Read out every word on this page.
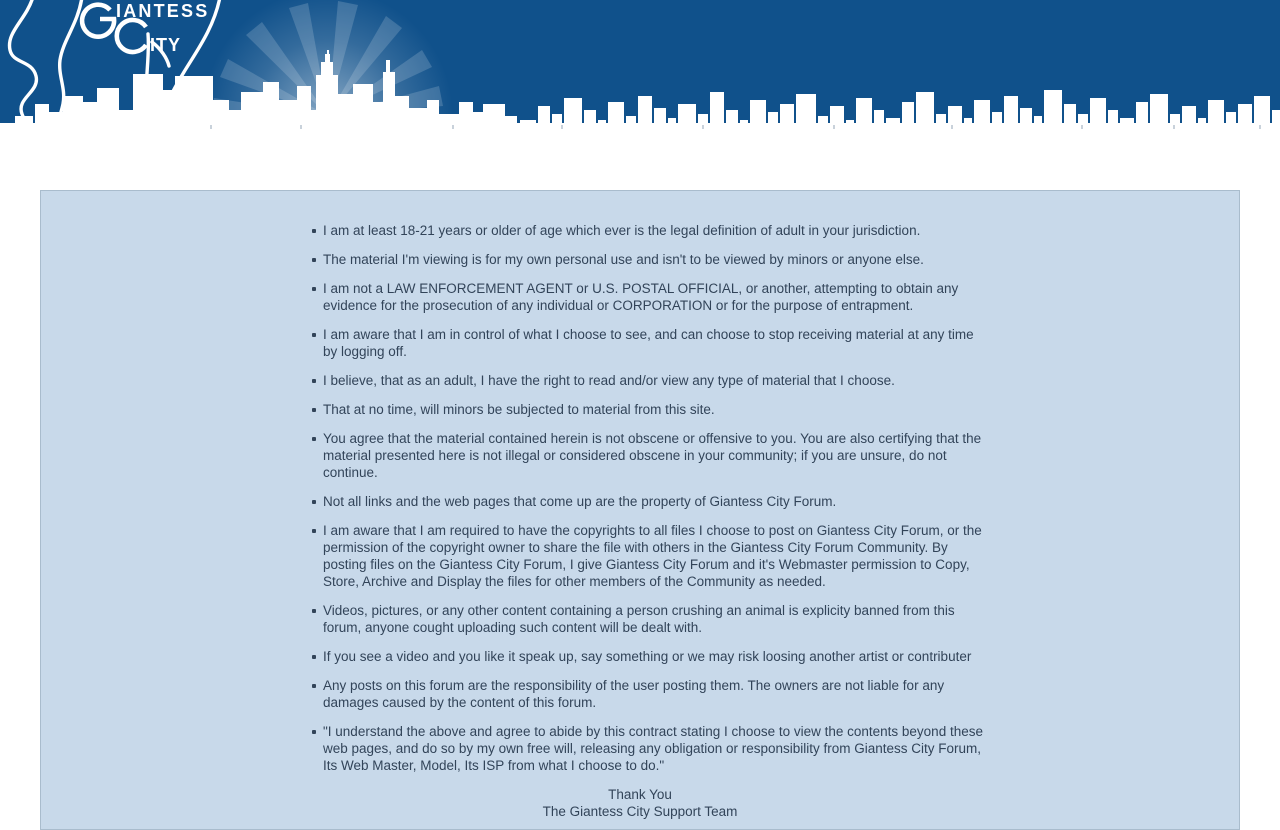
IANTESS
ITY
I am at least 18-21 years or older of age which ever is the legal definition of adult in your jurisdiction.
The material I'm viewing is for my own personal use and isn't to be viewed by minors or anyone else.
I am not a LAW ENFORCEMENT AGENT or U.S. POSTAL OFFICIAL, or another, attempting to obtain any evidence for the prosecution of any individual or CORPORATION or for the purpose of entrapment.
I am aware that I am in control of what I choose to see, and can choose to stop receiving material at any time by logging off.
I believe, that as an adult, I have the right to read and/or view any type of material that I choose.
That at no time, will minors be subjected to material from this site.
You agree that the material contained herein is not obscene or offensive to you. You are also certifying that the material presented here is not illegal or considered obscene in your community; if you are unsure, do not continue.
Not all links and the web pages that come up are the property of Giantess City Forum.
I am aware that I am required to have the copyrights to all files I choose to post on Giantess City Forum, or the permission of the copyright owner to share the file with others in the Giantess City Forum Community. By posting files on the Giantess City Forum, I give Giantess City Forum and it's Webmaster permission to Copy, Store, Archive and Display the files for other members of the Community as needed.
Videos, pictures, or any other content containing a person crushing an animal is explicity banned from this forum, anyone cought uploading such content will be dealt with.
If you see a video and you like it speak up, say something or we may risk loosing another artist or contributer
Any posts on this forum are the responsibility of the user posting them. The owners are not liable for any damages caused by the content of this forum.
"I understand the above and agree to abide by this contract stating I choose to view the contents beyond these web pages, and do so by my own free will, releasing any obligation or responsibility from Giantess City Forum, Its Web Master, Model, Its ISP from what I choose to do."
Thank You
The Giantess City Support Team
